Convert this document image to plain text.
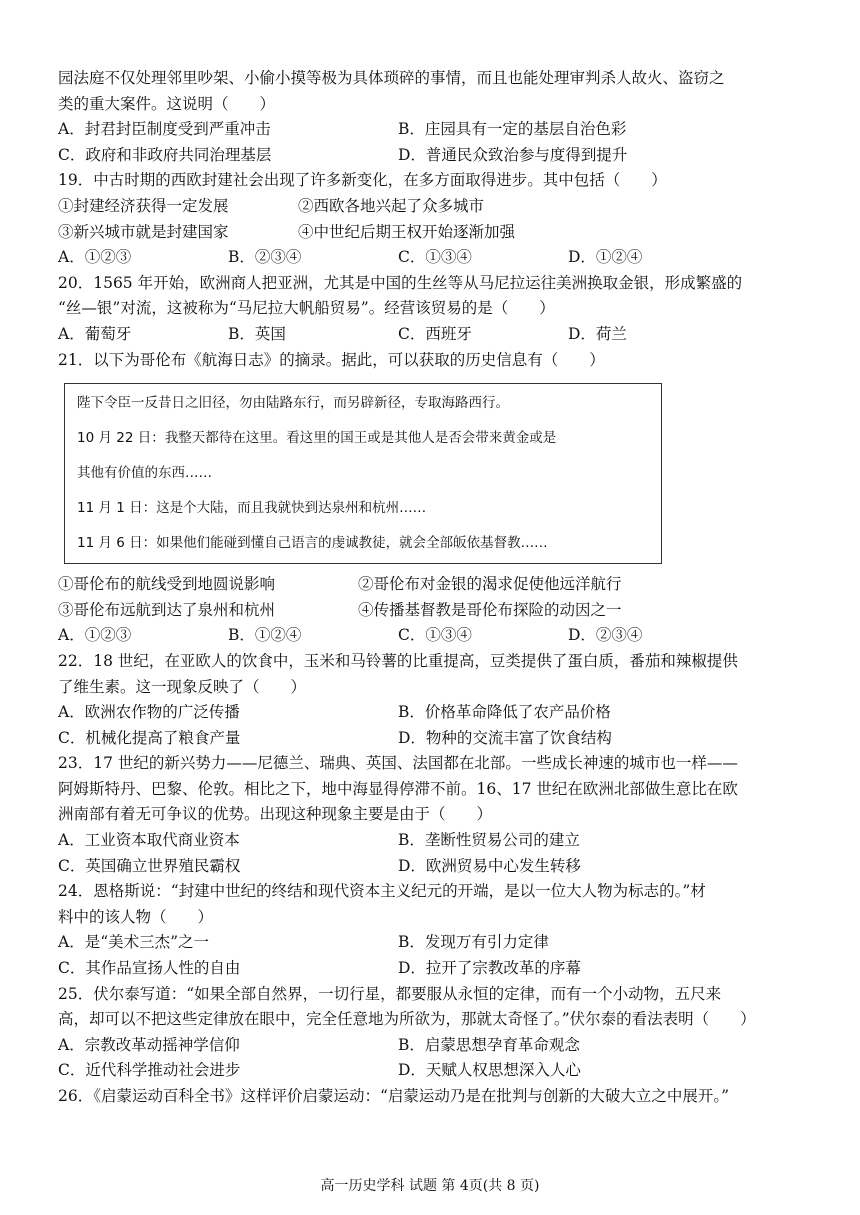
园法庭不仅处理邻里吵架、小偷小摸等极为具体琐碎的事情，而且也能处理审判杀人故火、盗窃之
类的重大案件。这说明（　　）
A．封君封臣制度受到严重冲击	B．庄园具有一定的基层自治色彩
C．政府和非政府共同治理基层	D．普通民众致治参与度得到提升
19．中古时期的西欧封建社会出现了许多新变化，在多方面取得进步。其中包括（　　）
①封建经济获得一定发展	②西欧各地兴起了众多城市
③新兴城市就是封建国家	④中世纪后期王权开始逐渐加强
A．①②③	B．②③④	C．①③④	D．①②④
20．1565 年开始，欧洲商人把亚洲，尤其是中国的生丝等从马尼拉运往美洲换取金银，形成繁盛的
“丝—银”对流，这被称为“马尼拉大帆船贸易”。经营该贸易的是（　　）
A．葡萄牙	B．英国	C．西班牙	D．荷兰
21．以下为哥伦布《航海日志》的摘录。据此，可以获取的历史信息有（　　）
陛下令臣一反昔日之旧径，勿由陆路东行，而另辟新径，专取海路西行。
10 月 22 日：我整天都待在这里。看这里的国王或是其他人是否会带来黄金或是
其他有价值的东西……
11 月 1 日：这是个大陆，而且我就快到达泉州和杭州……
11 月 6 日：如果他们能碰到懂自己语言的虔诚教徒，就会全部皈依基督教……
①哥伦布的航线受到地圆说影响	②哥伦布对金银的渴求促使他远洋航行
③哥伦布远航到达了泉州和杭州	④传播基督教是哥伦布探险的动因之一
A．①②③	B．①②④	C．①③④	D．②③④
22．18 世纪，在亚欧人的饮食中，玉米和马铃薯的比重提高，豆类提供了蛋白质，番茄和辣椒提供
了维生素。这一现象反映了（　　）
A．欧洲农作物的广泛传播	B．价格革命降低了农产品价格
C．机械化提高了粮食产量	D．物种的交流丰富了饮食结构
23．17 世纪的新兴势力——尼德兰、瑞典、英国、法国都在北部。一些成长神速的城市也一样——
阿姆斯特丹、巴黎、伦敦。相比之下，地中海显得停滞不前。16、17 世纪在欧洲北部做生意比在欧
洲南部有着无可争议的优势。出现这种现象主要是由于（　　）
A．工业资本取代商业资本	B．垄断性贸易公司的建立
C．英国确立世界殖民霸权	D．欧洲贸易中心发生转移
24．恩格斯说：“封建中世纪的终结和现代资本主义纪元的开端，是以一位大人物为标志的。”材
料中的该人物（　　）
A．是“美术三杰”之一	B．发现万有引力定律
C．其作品宣扬人性的自由	D．拉开了宗教改革的序幕
25．伏尔泰写道：“如果全部自然界，一切行星，都要服从永恒的定律，而有一个小动物，五尺来
高，却可以不把这些定律放在眼中，完全任意地为所欲为，那就太奇怪了。”伏尔泰的看法表明（　　）
A．宗教改革动摇神学信仰	B．启蒙思想孕育革命观念
C．近代科学推动社会进步	D．天赋人权思想深入人心
26．《启蒙运动百科全书》这样评价启蒙运动：“启蒙运动乃是在批判与创新的大破大立之中展开。”
高一历史学科 试题 第 4页(共 8 页)
